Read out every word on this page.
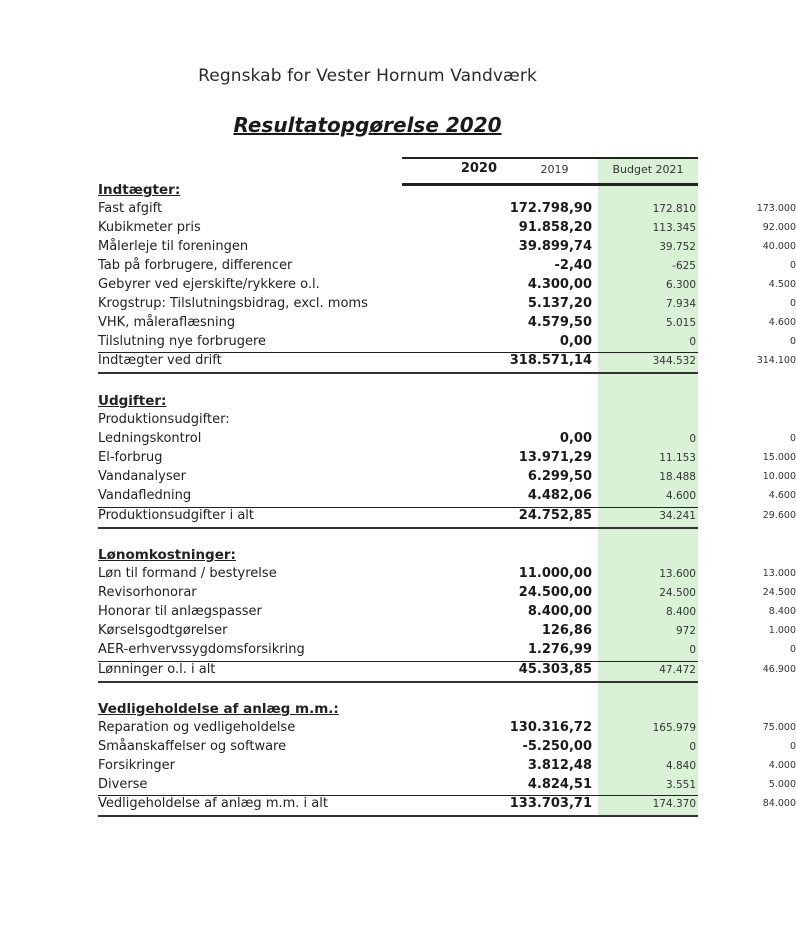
Regnskab for Vester Hornum Vandværk
Resultatopgørelse 2020
2020	2019	Budget 2021
Indtægter:
Fast afgift	172.798,90	172.810	173.000
Kubikmeter pris	91.858,20	113.345	92.000
Målerleje til foreningen	39.899,74	39.752	40.000
Tab på forbrugere, differencer	-2,40	-625	0
Gebyrer ved ejerskifte/rykkere o.l.	4.300,00	6.300	4.500
Krogstrup: Tilslutningsbidrag, excl. moms	5.137,20	7.934	0
VHK, måleraflæsning	4.579,50	5.015	4.600
Tilslutning nye forbrugere	0,00	0	0
Indtægter ved drift	318.571,14	344.532	314.100
Udgifter:
Produktionsudgifter:
Ledningskontrol	0,00	0	0
El-forbrug	13.971,29	11.153	15.000
Vandanalyser	6.299,50	18.488	10.000
Vandafledning	4.482,06	4.600	4.600
Produktionsudgifter i alt	24.752,85	34.241	29.600
Lønomkostninger:
Løn til formand / bestyrelse	11.000,00	13.600	13.000
Revisorhonorar	24.500,00	24.500	24.500
Honorar til anlægspasser	8.400,00	8.400	8.400
Kørselsgodtgørelser	126,86	972	1.000
AER-erhvervssygdomsforsikring	1.276,99	0	0
Lønninger o.l. i alt	45.303,85	47.472	46.900
Vedligeholdelse af anlæg m.m.:
Reparation og vedligeholdelse	130.316,72	165.979	75.000
Småanskaffelser og software	-5.250,00	0	0
Forsikringer	3.812,48	4.840	4.000
Diverse	4.824,51	3.551	5.000
Vedligeholdelse af anlæg m.m. i alt	133.703,71	174.370	84.000
